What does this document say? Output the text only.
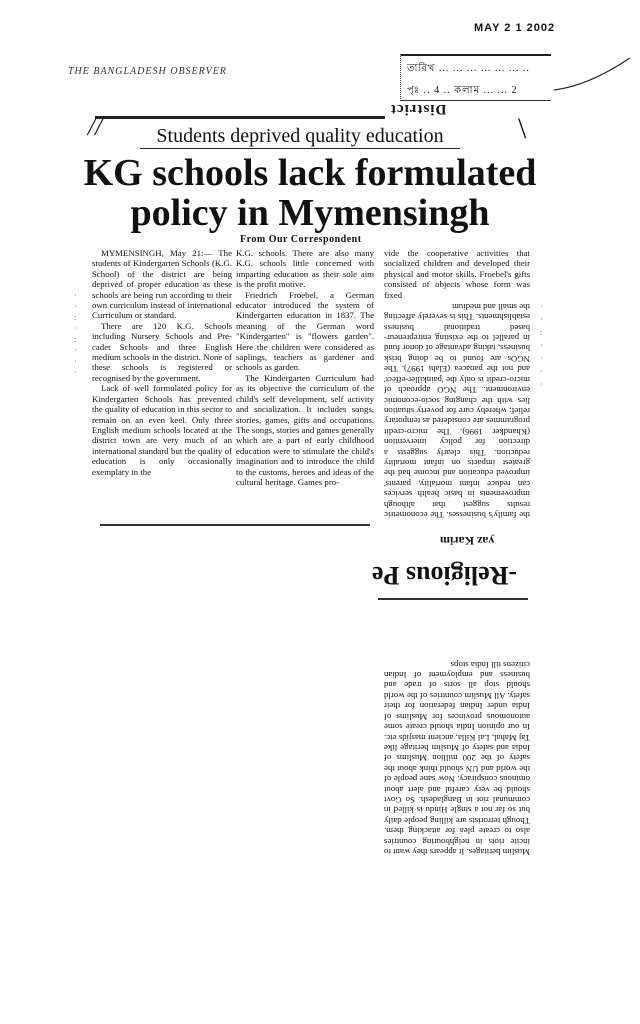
MAY 2 1 2002
THE BANGLADESH OBSERVER	তারিখ ... ... ... ... ... ... ..
পৃঃ .. 4 .. কলাম ... ... 2
District
//	\
Students deprived quality education
KG schools lack formulated
policy in Mymensingh
From Our Correspondent

MYMENSINGH, May 21:— The students of Kindergarten Schools (K.G. School) of the district are being deprived of proper education as these schools are being run according to their own curriculum instead of international Curriculum or standard.

There are 120 K.G. Schools including Nursery Schools and Pre-cadet Schools and three English medium schools in the district. None of these schools is registered or recognised by the government.

Lack of well formulated policy for Kindergarten Schools has prevented the quality of education in this sector to remain on an even keel. Only three English medium schools located at the district town are very much of an international standard but the quality of education is only occasionally exemplary in the

K.G. schools. There are also many K.G. schools little concerned with imparting education as their sole aim is the profit motive.

Friedrich Froebel, a German educator introduced the system of Kindergarten education in 1837. The meaning of the German word "Kindergarten" is "flowers garden". Here the children were considered as saplings, teachers as gardener and schools as garden.

The Kindergarten Curriculum had as its objective the curriculum of the child's self development, self activity and socialization. It includes songs, stories, games, gifts and occupations. The songs, stories and games generally which are a part of early childhood education were to stimulate the child's imagination and to introduce the child to the customs, heroes and ideas of the cultural heritage. Games pro-

vide the cooperative activities that socialized children and developed their physical and motor skills. Froebel's gifts consisted of objects whose form was fixed
the family's businesses. The econometric results suggest that although improvements in basic health services can reduce infant mortality, parents' improved education and income had the greatest impacts on infant mortality reduction. This clearly suggests a direction for policy intervention (Khandker 1996). The micro-credit programmes are considered as temporary relief; whereby cure for poverty situation lies with the changing socio-economic environment. The NGO approach of micro-credit is only the 'painkiller-effect' and not the panacea (Elahi 1997). The NGOs are found to be doing brisk business, taking advantage of donor fund in parallel to the existing entrepreneur-based traditional business establishments. This is severely affecting the small and medium
yaz Karim
-Religious Pe
Muslim heritages. It appears they want to incite riots in neighbouring countries also to create plea for attacking them. Though terrorists are killing people daily but so far not a single Hindu is killed in communal riot in Bangladesh. So Govt should be very careful and alert about ominous conspiracy. Now sane people of the world and UN should think about the safety of the 200 million Muslims of India and safety of Muslim heritage like Taj Mahal, Lal Killa, ancient masjids etc. In our opinion India should create some autonomous provinces for Muslims of India under Indian federation for their safety. All Muslim countries of the world should stop all sorts of trade and business and employment of Indian citizens till India stops
·
·
:
·
:
·
·
·
·
·
:
·
·
·
·
